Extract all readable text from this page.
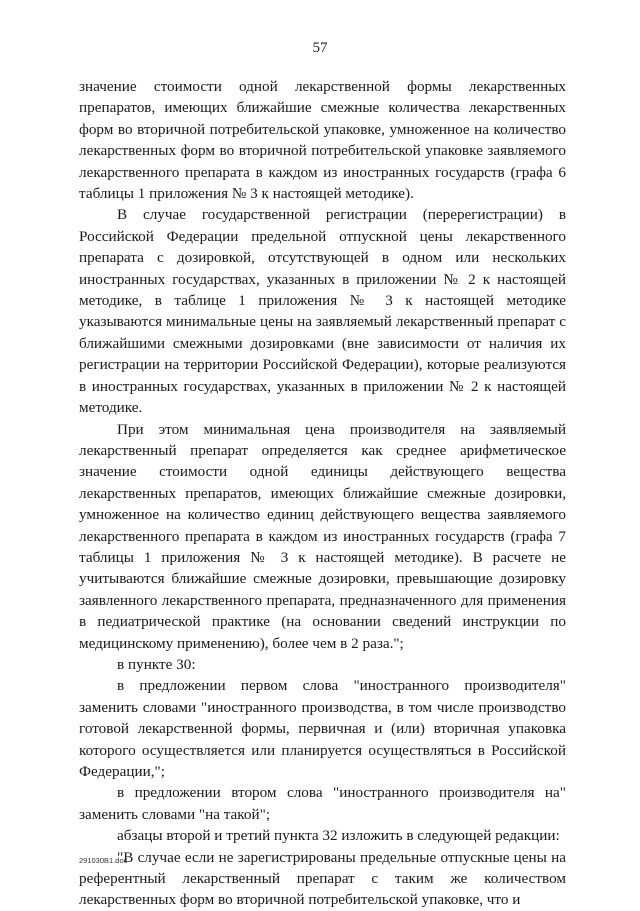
57

значение стоимости одной лекарственной формы лекарственных препаратов, имеющих ближайшие смежные количества лекарственных форм во вторичной потребительской упаковке, умноженное на количество лекарственных форм во вторичной потребительской упаковке заявляемого лекарственного препарата в каждом из иностранных государств (графа 6 таблицы 1 приложения № 3 к настоящей методике).

В случае государственной регистрации (перерегистрации) в Российской Федерации предельной отпускной цены лекарственного препарата с дозировкой, отсутствующей в одном или нескольких иностранных государствах, указанных в приложении № 2 к настоящей методике, в таблице 1 приложения № 3 к настоящей методике указываются минимальные цены на заявляемый лекарственный препарат с ближайшими смежными дозировками (вне зависимости от наличия их регистрации на территории Российской Федерации), которые реализуются в иностранных государствах, указанных в приложении № 2 к настоящей методике.

При этом минимальная цена производителя на заявляемый лекарственный препарат определяется как среднее арифметическое значение стоимости одной единицы действующего вещества лекарственных препаратов, имеющих ближайшие смежные дозировки, умноженное на количество единиц действующего вещества заявляемого лекарственного препарата в каждом из иностранных государств (графа 7 таблицы 1 приложения № 3 к настоящей методике). В расчете не учитываются ближайшие смежные дозировки, превышающие дозировку заявленного лекарственного препарата, предназначенного для применения в педиатрической практике (на основании сведений инструкции по медицинскому применению), более чем в 2 раза.";

в пункте 30:

в предложении первом слова "иностранного производителя" заменить словами "иностранного производства, в том числе производство готовой лекарственной формы, первичная и (или) вторичная упаковка которого осуществляется или планируется осуществляться в Российской Федерации,";

в предложении втором слова "иностранного производителя на" заменить словами "на такой";

абзацы второй и третий пункта 32 изложить в следующей редакции:

"В случае если не зарегистрированы предельные отпускные цены на референтный лекарственный препарат с таким же количеством лекарственных форм во вторичной потребительской упаковке, что и

291030B1.doc
